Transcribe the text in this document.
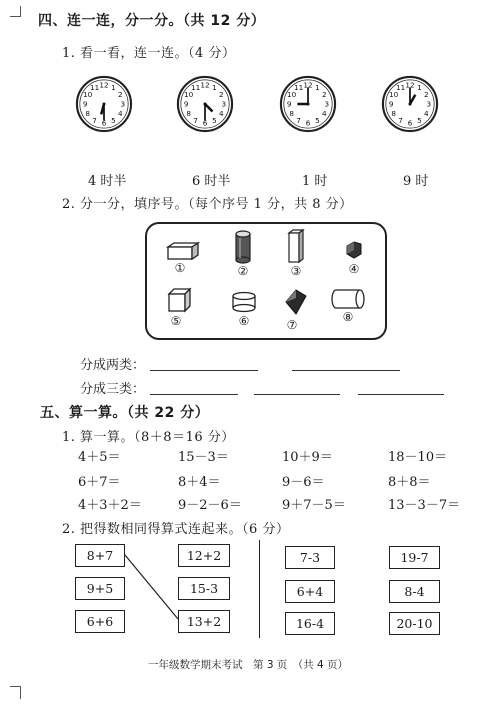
四、连一连，分一分。（共 12 分）
1. 看一看，连一连。（4 分）
1
2
3
4
5
6
7
8
9
10
11 12	1
2
3
4
5
6
7
8
9
10
11 12	1
2
3
4
5
6
7
8
9
10
11 12	1
2
3
4
5
6
7
8
9
10
11 12
4 时半	6 时半	1 时	9 时
2. 分一分，填序号。（每个序号 1 分，共 8 分）
①	②	③	④
⑤	⑥	⑦
⑧
分成两类：
分成三类：
五、算一算。（共 22 分）
1. 算一算。（8＋8＝16 分）
4＋5＝	15－3＝	10＋9＝	18－10＝
6＋7＝	8＋4＝	9－6＝	8＋8＝
4＋3＋2＝	9－2－6＝	9＋7－5＝	13－3－7＝
2. 把得数相同得算式连起来。（6 分）
8+7
9+5
6+6
12+2
15-3
13+2
7-3
6+4
16-4
19-7
8-4
20-10
一年级数学期末考试　第 3 页　（共 4 页）
